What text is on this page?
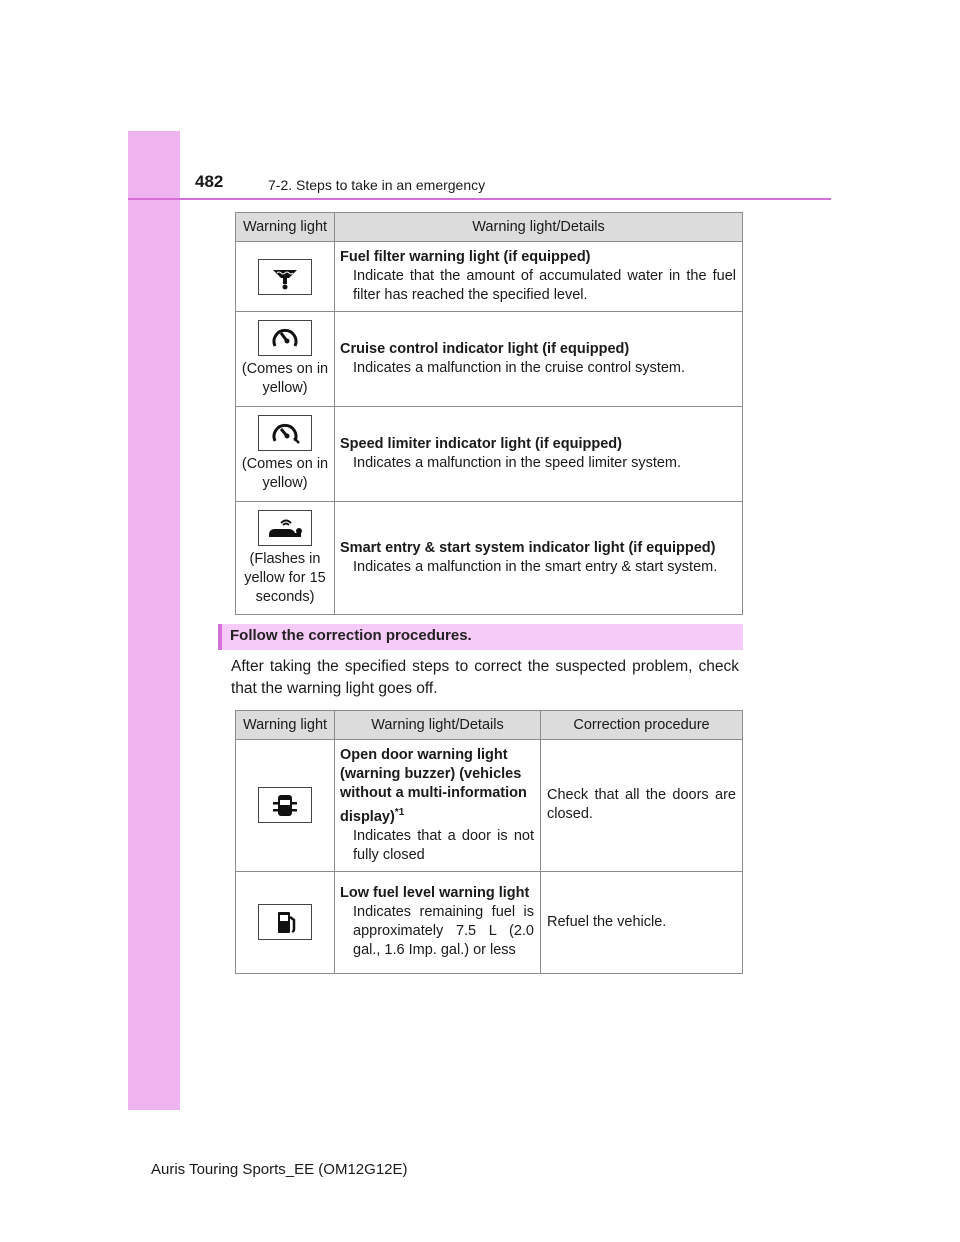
482	7-2. Steps to take in an emergency
Warning light	Warning light/Details

Fuel filter warning light (if equipped)
Indicate that the amount of accumulated water in the fuel filter has reached the specified level.

(Comes on in yellow)	Cruise control indicator light (if equipped)
Indicates a malfunction in the cruise control system.

(Comes on in yellow)	Speed limiter indicator light (if equipped)
Indicates a malfunction in the speed limiter system.

(Flashes in yellow for 15 seconds)	Smart entry & start system indicator light (if equipped)
Indicates a malfunction in the smart entry & start system.
Follow the correction procedures.
After taking the specified steps to correct the suspected problem, check that the warning light goes off.
Warning light	Warning light/Details	Correction procedure

Open door warning light (warning buzzer) (vehicles without a multi-information display)$^{*1}$
Indicates that a door is not fully closed	Check that all the doors are closed.

Low fuel level warning light
Indicates remaining fuel is approximately 7.5 L (2.0 gal., 1.6 Imp. gal.) or less	Refuel the vehicle.
Auris Touring Sports_EE (OM12G12E)
